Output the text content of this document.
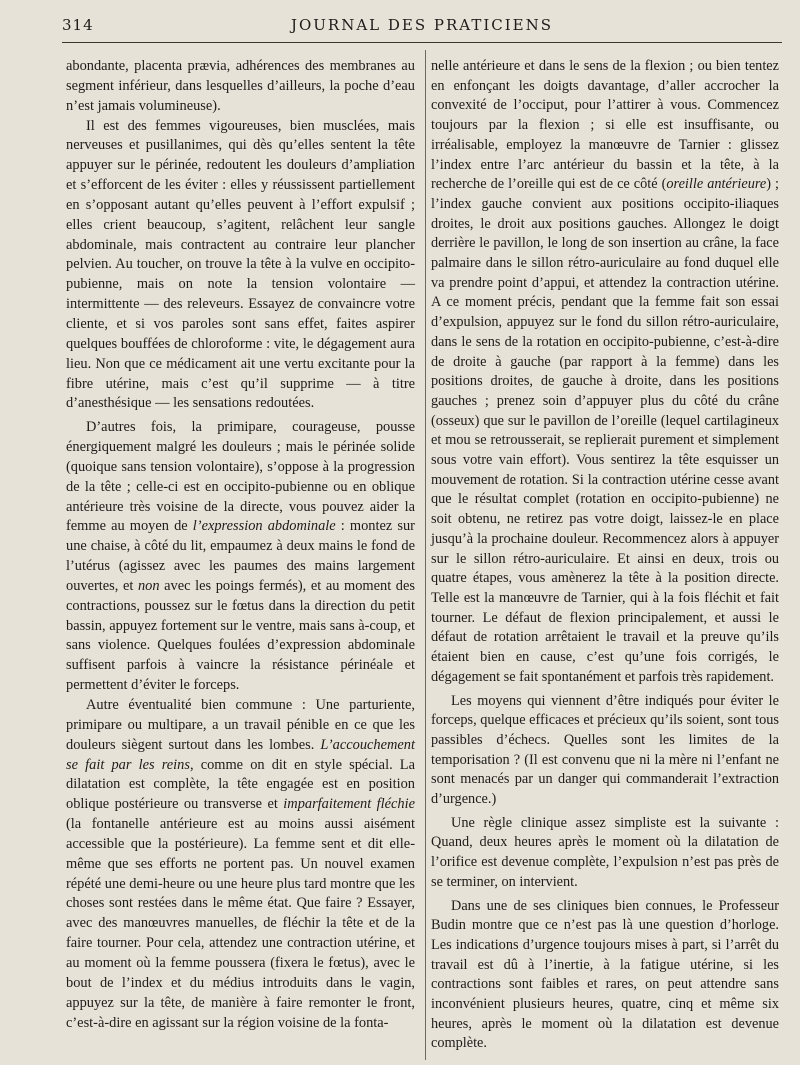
314	JOURNAL DES PRATICIENS

abondante, placenta prævia, adhérences des membranes au segment inférieur, dans lesquelles d’ailleurs, la poche d’eau n’est jamais volumineuse).

Il est des femmes vigoureuses, bien musclées, mais nerveuses et pusillanimes, qui dès qu’elles sentent la tête appuyer sur le périnée, redoutent les douleurs d’ampliation et s’efforcent de les éviter : elles y réussissent partiellement en s’opposant autant qu’elles peuvent à l’effort expulsif ; elles crient beaucoup, s’agitent, relâchent leur sangle abdominale, mais contractent au contraire leur plancher pelvien. Au toucher, on trouve la tête à la vulve en occipito-pubienne, mais on note la tension volontaire — intermittente — des releveurs. Essayez de convaincre votre cliente, et si vos paroles sont sans effet, faites aspirer quelques bouffées de chloroforme : vite, le dégagement aura lieu. Non que ce médicament ait une vertu excitante pour la fibre utérine, mais c’est qu’il supprime — à titre d’anesthésique — les sensations redoutées.

D’autres fois, la primipare, courageuse, pousse énergiquement malgré les douleurs ; mais le périnée solide (quoique sans tension volontaire), s’oppose à la progression de la tête ; celle-ci est en occipito-pubienne ou en oblique antérieure très voisine de la directe, vous pouvez aider la femme au moyen de l’expression abdominale : montez sur une chaise, à côté du lit, empaumez à deux mains le fond de l’utérus (agissez avec les paumes des mains largement ouvertes, et non avec les poings fermés), et au moment des contractions, poussez sur le fœtus dans la direction du petit bassin, appuyez fortement sur le ventre, mais sans à-coup, et sans violence. Quelques foulées d’expression abdominale suffisent parfois à vaincre la résistance périnéale et permettent d’éviter le forceps.

Autre éventualité bien commune : Une parturiente, primipare ou multipare, a un travail pénible en ce que les douleurs siègent surtout dans les lombes. L’accouchement se fait par les reins, comme on dit en style spécial. La dilatation est complète, la tête engagée est en position oblique postérieure ou transverse et imparfaitement fléchie (la fontanelle antérieure est au moins aussi aisément accessible que la postérieure). La femme sent et dit elle-même que ses efforts ne portent pas. Un nouvel examen répété une demi-heure ou une heure plus tard montre que les choses sont restées dans le même état. Que faire ? Essayer, avec des manœuvres manuelles, de fléchir la tête et de la faire tourner. Pour cela, attendez une contraction utérine, et au moment où la femme poussera (fixera le fœtus), avec le bout de l’index et du médius introduits dans le vagin, appuyez sur la tête, de manière à faire remonter le front, c’est-à-dire en agissant sur la région voisine de la fonta-

nelle antérieure et dans le sens de la flexion ; ou bien tentez en enfonçant les doigts davantage, d’aller accrocher la convexité de l’occiput, pour l’attirer à vous. Commencez toujours par la flexion ; si elle est insuffisante, ou irréalisable, employez la manœuvre de Tarnier : glissez l’index entre l’arc antérieur du bassin et la tête, à la recherche de l’oreille qui est de ce côté (oreille antérieure) ; l’index gauche convient aux positions occipito-iliaques droites, le droit aux positions gauches. Allongez le doigt derrière le pavillon, le long de son insertion au crâne, la face palmaire dans le sillon rétro-auriculaire au fond duquel elle va prendre point d’appui, et attendez la contraction utérine. A ce moment précis, pendant que la femme fait son essai d’expulsion, appuyez sur le fond du sillon rétro-auriculaire, dans le sens de la rotation en occipito-pubienne, c’est-à-dire de droite à gauche (par rapport à la femme) dans les positions droites, de gauche à droite, dans les positions gauches ; prenez soin d’appuyer plus du côté du crâne (osseux) que sur le pavillon de l’oreille (lequel cartilagineux et mou se retrousserait, se replierait purement et simplement sous votre vain effort). Vous sentirez la tête esquisser un mouvement de rotation. Si la contraction utérine cesse avant que le résultat complet (rotation en occipito-pubienne) ne soit obtenu, ne retirez pas votre doigt, laissez-le en place jusqu’à la prochaine douleur. Recommencez alors à appuyer sur le sillon rétro-auriculaire. Et ainsi en deux, trois ou quatre étapes, vous amènerez la tête à la position directe. Telle est la manœuvre de Tarnier, qui à la fois fléchit et fait tourner. Le défaut de flexion principalement, et aussi le défaut de rotation arrêtaient le travail et la preuve qu’ils étaient bien en cause, c’est qu’une fois corrigés, le dégagement se fait spontanément et parfois très rapidement.

Les moyens qui viennent d’être indiqués pour éviter le forceps, quelque efficaces et précieux qu’ils soient, sont tous passibles d’échecs. Quelles sont les limites de la temporisation ? (Il est convenu que ni la mère ni l’enfant ne sont menacés par un danger qui commanderait l’extraction d’urgence.)

Une règle clinique assez simpliste est la suivante : Quand, deux heures après le moment où la dilatation de l’orifice est devenue complète, l’expulsion n’est pas près de se terminer, on intervient.

Dans une de ses cliniques bien connues, le Professeur Budin montre que ce n’est pas là une question d’horloge. Les indications d’urgence toujours mises à part, si l’arrêt du travail est dû à l’inertie, à la fatigue utérine, si les contractions sont faibles et rares, on peut attendre sans inconvénient plusieurs heures, quatre, cinq et même six heures, après le moment où la dilatation est devenue complète.
